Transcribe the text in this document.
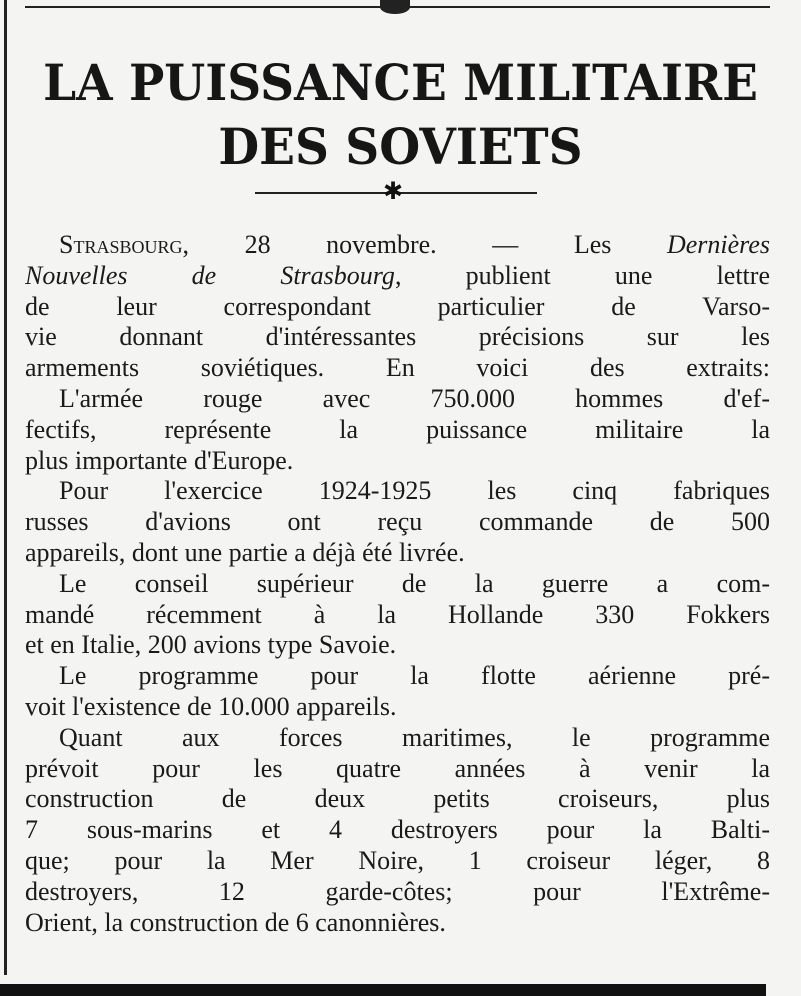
LA PUISSANCE MILITAIRE
DES SOVIETS
✱
Strasbourg, 28 novembre. — Les Dernières
Nouvelles de Strasbourg, publient une lettre
de leur correspondant particulier de Varso-
vie donnant d'intéressantes précisions sur les
armements soviétiques. En voici des extraits:
L'armée rouge avec 750.000 hommes d'ef-
fectifs, représente la puissance militaire la
plus importante d'Europe.
Pour l'exercice 1924-1925 les cinq fabriques
russes d'avions ont reçu commande de 500
appareils, dont une partie a déjà été livrée.
Le conseil supérieur de la guerre a com-
mandé récemment à la Hollande 330 Fokkers
et en Italie, 200 avions type Savoie.
Le programme pour la flotte aérienne pré-
voit l'existence de 10.000 appareils.
Quant aux forces maritimes, le programme
prévoit pour les quatre années à venir la
construction de deux petits croiseurs, plus
7 sous-marins et 4 destroyers pour la Balti-
que; pour la Mer Noire, 1 croiseur léger, 8
destroyers, 12 garde-côtes; pour l'Extrême-
Orient, la construction de 6 canonnières.
